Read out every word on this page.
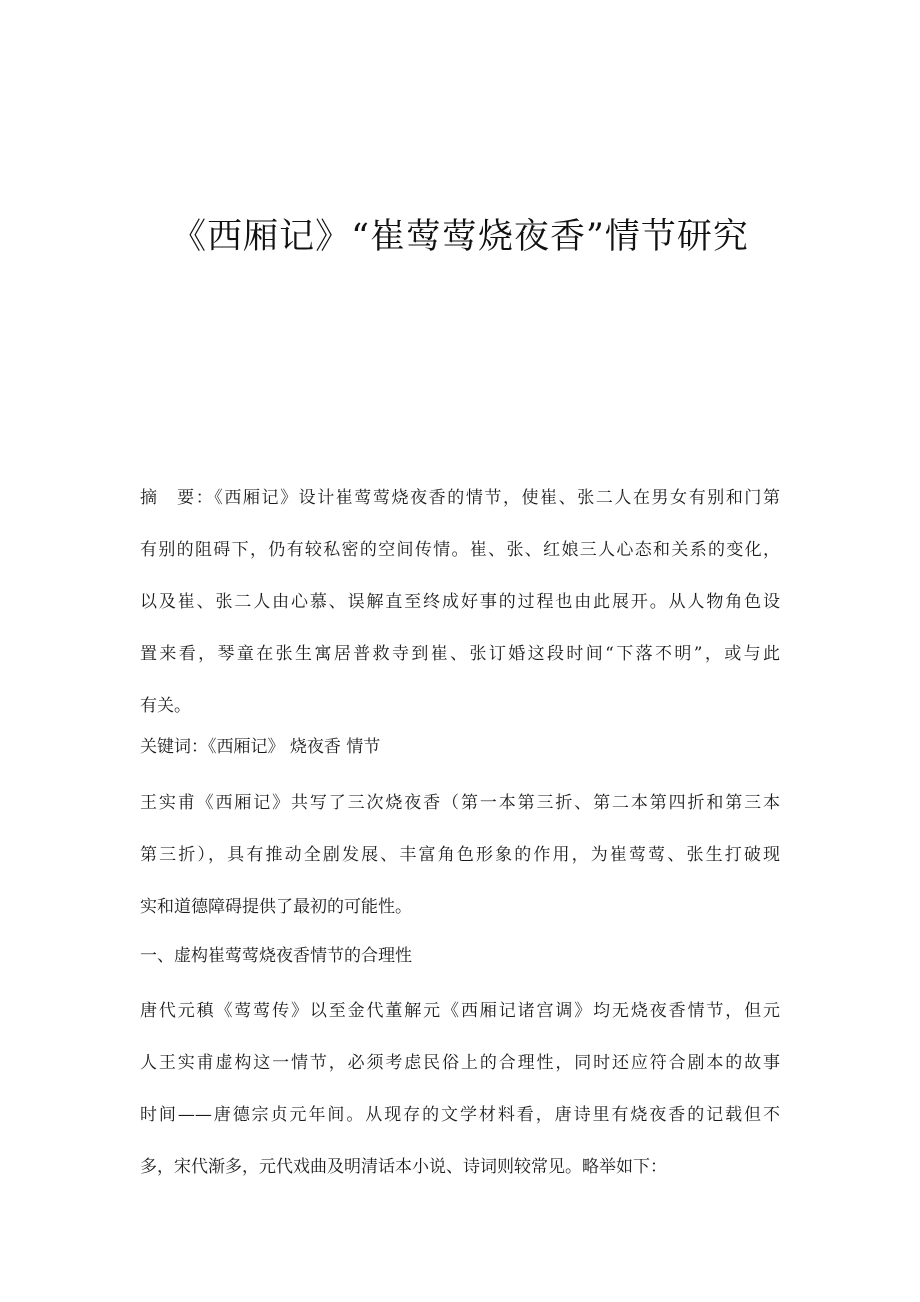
《西厢记》“崔莺莺烧夜香”情节研究
摘　要：《西厢记》设计崔莺莺烧夜香的情节，使崔、张二人在男女有别和门第
有别的阻碍下，仍有较私密的空间传情。崔、张、红娘三人心态和关系的变化，
以及崔、张二人由心慕、误解直至终成好事的过程也由此展开。从人物角色设
置来看，琴童在张生寓居普救寺到崔、张订婚这段时间“下落不明”，或与此
有关。
关键词：《西厢记》 烧夜香 情节
王实甫《西厢记》共写了三次烧夜香（第一本第三折、第二本第四折和第三本
第三折），具有推动全剧发展、丰富角色形象的作用，为崔莺莺、张生打破现
实和道德障碍提供了最初的可能性。
一、虚构崔莺莺烧夜香情节的合理性
唐代元稹《莺莺传》以至金代董解元《西厢记诸宫调》均无烧夜香情节，但元
人王实甫虚构这一情节，必须考虑民俗上的合理性，同时还应符合剧本的故事
时间——唐德宗贞元年间。从现存的文学材料看，唐诗里有烧夜香的记载但不
多，宋代渐多，元代戏曲及明清话本小说、诗词则较常见。略举如下：
